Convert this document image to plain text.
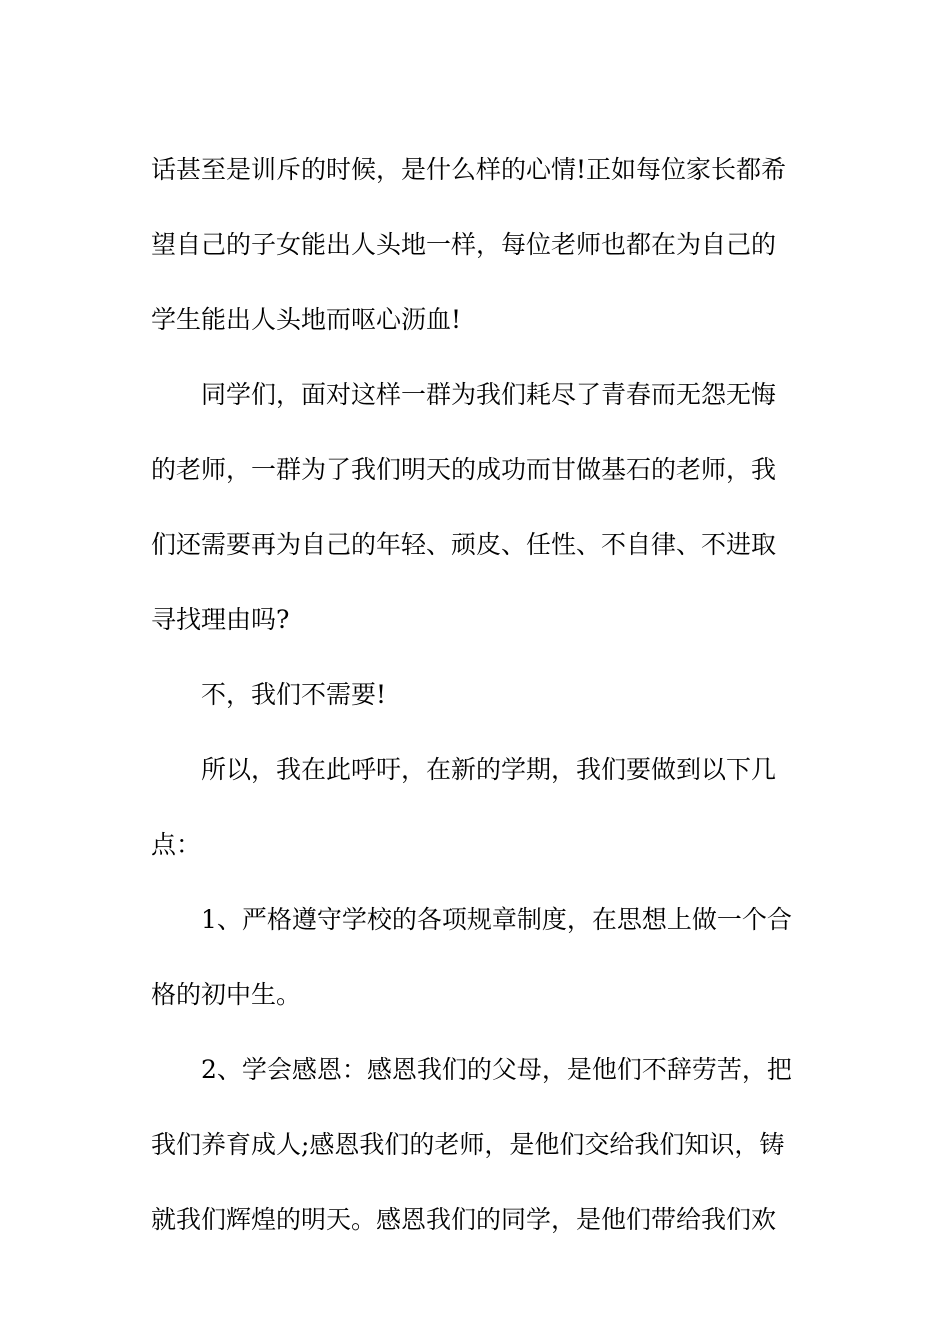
话甚至是训斥的时候，是什么样的心情!正如每位家长都希
望自己的子女能出人头地一样，每位老师也都在为自己的
学生能出人头地而呕心沥血!
同学们，面对这样一群为我们耗尽了青春而无怨无悔
的老师，一群为了我们明天的成功而甘做基石的老师，我
们还需要再为自己的年轻、顽皮、任性、不自律、不进取
寻找理由吗?
不，我们不需要!
所以，我在此呼吁，在新的学期，我们要做到以下几
点：
1、严格遵守学校的各项规章制度，在思想上做一个合
格的初中生。
2、学会感恩：感恩我们的父母，是他们不辞劳苦，把
我们养育成人;感恩我们的老师，是他们交给我们知识，铸
就我们辉煌的明天。感恩我们的同学，是他们带给我们欢
